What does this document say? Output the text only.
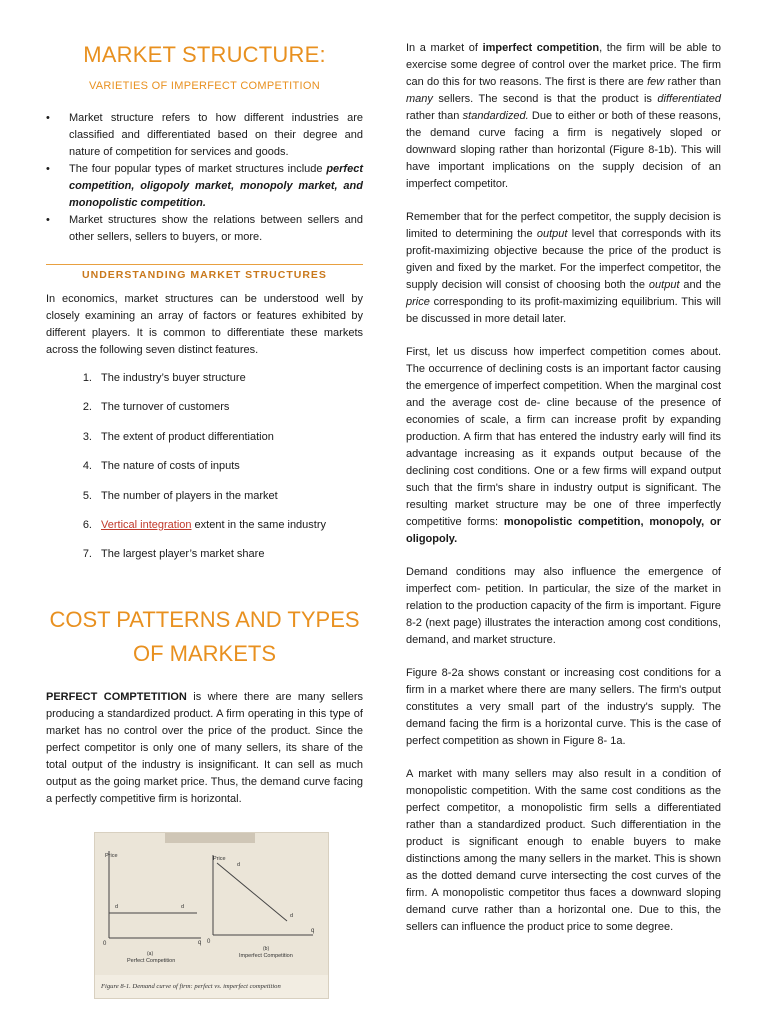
MARKET STRUCTURE:
VARIETIES OF IMPERFECT COMPETITION
• Market structure refers to how different industries are classified and differentiated based on their degree and nature of competition for services and goods.
• The four popular types of market structures include perfect competition, oligopoly market, monopoly market, and monopolistic competition.
• Market structures show the relations between sellers and other sellers, sellers to buyers, or more.
UNDERSTANDING MARKET STRUCTURES

In economics, market structures can be understood well by closely examining an array of factors or features exhibited by different players. It is common to differentiate these markets across the following seven distinct features.

1. The industry’s buyer structure
2. The turnover of customers
3. The extent of product differentiation
4. The nature of costs of inputs
5. The number of players in the market
6. Vertical integration extent in the same industry
7. The largest player’s market share
COST PATTERNS AND TYPES OF MARKETS

PERFECT COMPTETITION is where there are many sellers producing a standardized product. A firm operating in this type of market has no control over the price of the product. Since the perfect competitor is only one of many sellers, its share of the total output of the industry is insignificant. It can sell as much output as the going market price. Thus, the demand curve facing a perfectly competitive firm is horizontal.

Price
d	d
0	q
(a)
Perfect Competition
Price
d
d
0
q
(b)
Imperfect Competition
Figure 8-1. Demand curve of firm: perfect vs. imperfect competition

In a market of imperfect competition, the firm will be able to exercise some degree of control over the market price. The firm can do this for two reasons. The first is there are few rather than many sellers. The second is that the product is differentiated rather than standardized. Due to either or both of these reasons, the demand curve facing a firm is negatively sloped or downward sloping rather than horizontal (Figure 8-1b). This will have important implications on the supply decision of an imperfect competitor.

Remember that for the perfect competitor, the supply decision is limited to determining the output level that corresponds with its profit-maximizing objective because the price of the product is given and fixed by the market. For the imperfect competitor, the supply decision will consist of choosing both the output and the price corresponding to its profit-maximizing equilibrium. This will be discussed in more detail later.

First, let us discuss how imperfect competition comes about. The occurrence of declining costs is an important factor causing the emergence of imperfect competition. When the marginal cost and the average cost de- cline because of the presence of economies of scale, a firm can increase profit by expanding production. A firm that has entered the industry early will find its advantage increasing as it expands output because of the declining cost conditions. One or a few firms will expand output such that the firm's share in industry output is significant. The resulting market structure may be one of three imperfectly competitive forms: monopolistic competition, monopoly, or oligopoly.

Demand conditions may also influence the emergence of imperfect com- petition. In particular, the size of the market in relation to the production capacity of the firm is important. Figure 8-2 (next page) illustrates the interaction among cost conditions, demand, and market structure.

Figure 8-2a shows constant or increasing cost conditions for a firm in a market where there are many sellers. The firm's output constitutes a very small part of the industry's supply. The demand facing the firm is a horizontal curve. This is the case of perfect competition as shown in Figure 8- 1a.

A market with many sellers may also result in a condition of monopolistic competition. With the same cost conditions as the perfect competitor, a monopolistic firm sells a differentiated rather than a standardized product. Such differentiation in the product is significant enough to enable buyers to make distinctions among the many sellers in the market. This is shown as the dotted demand curve intersecting the cost curves of the firm. A monopolistic competitor thus faces a downward sloping demand curve rather than a horizontal one. Due to this, the sellers can influence the product price to some degree.
